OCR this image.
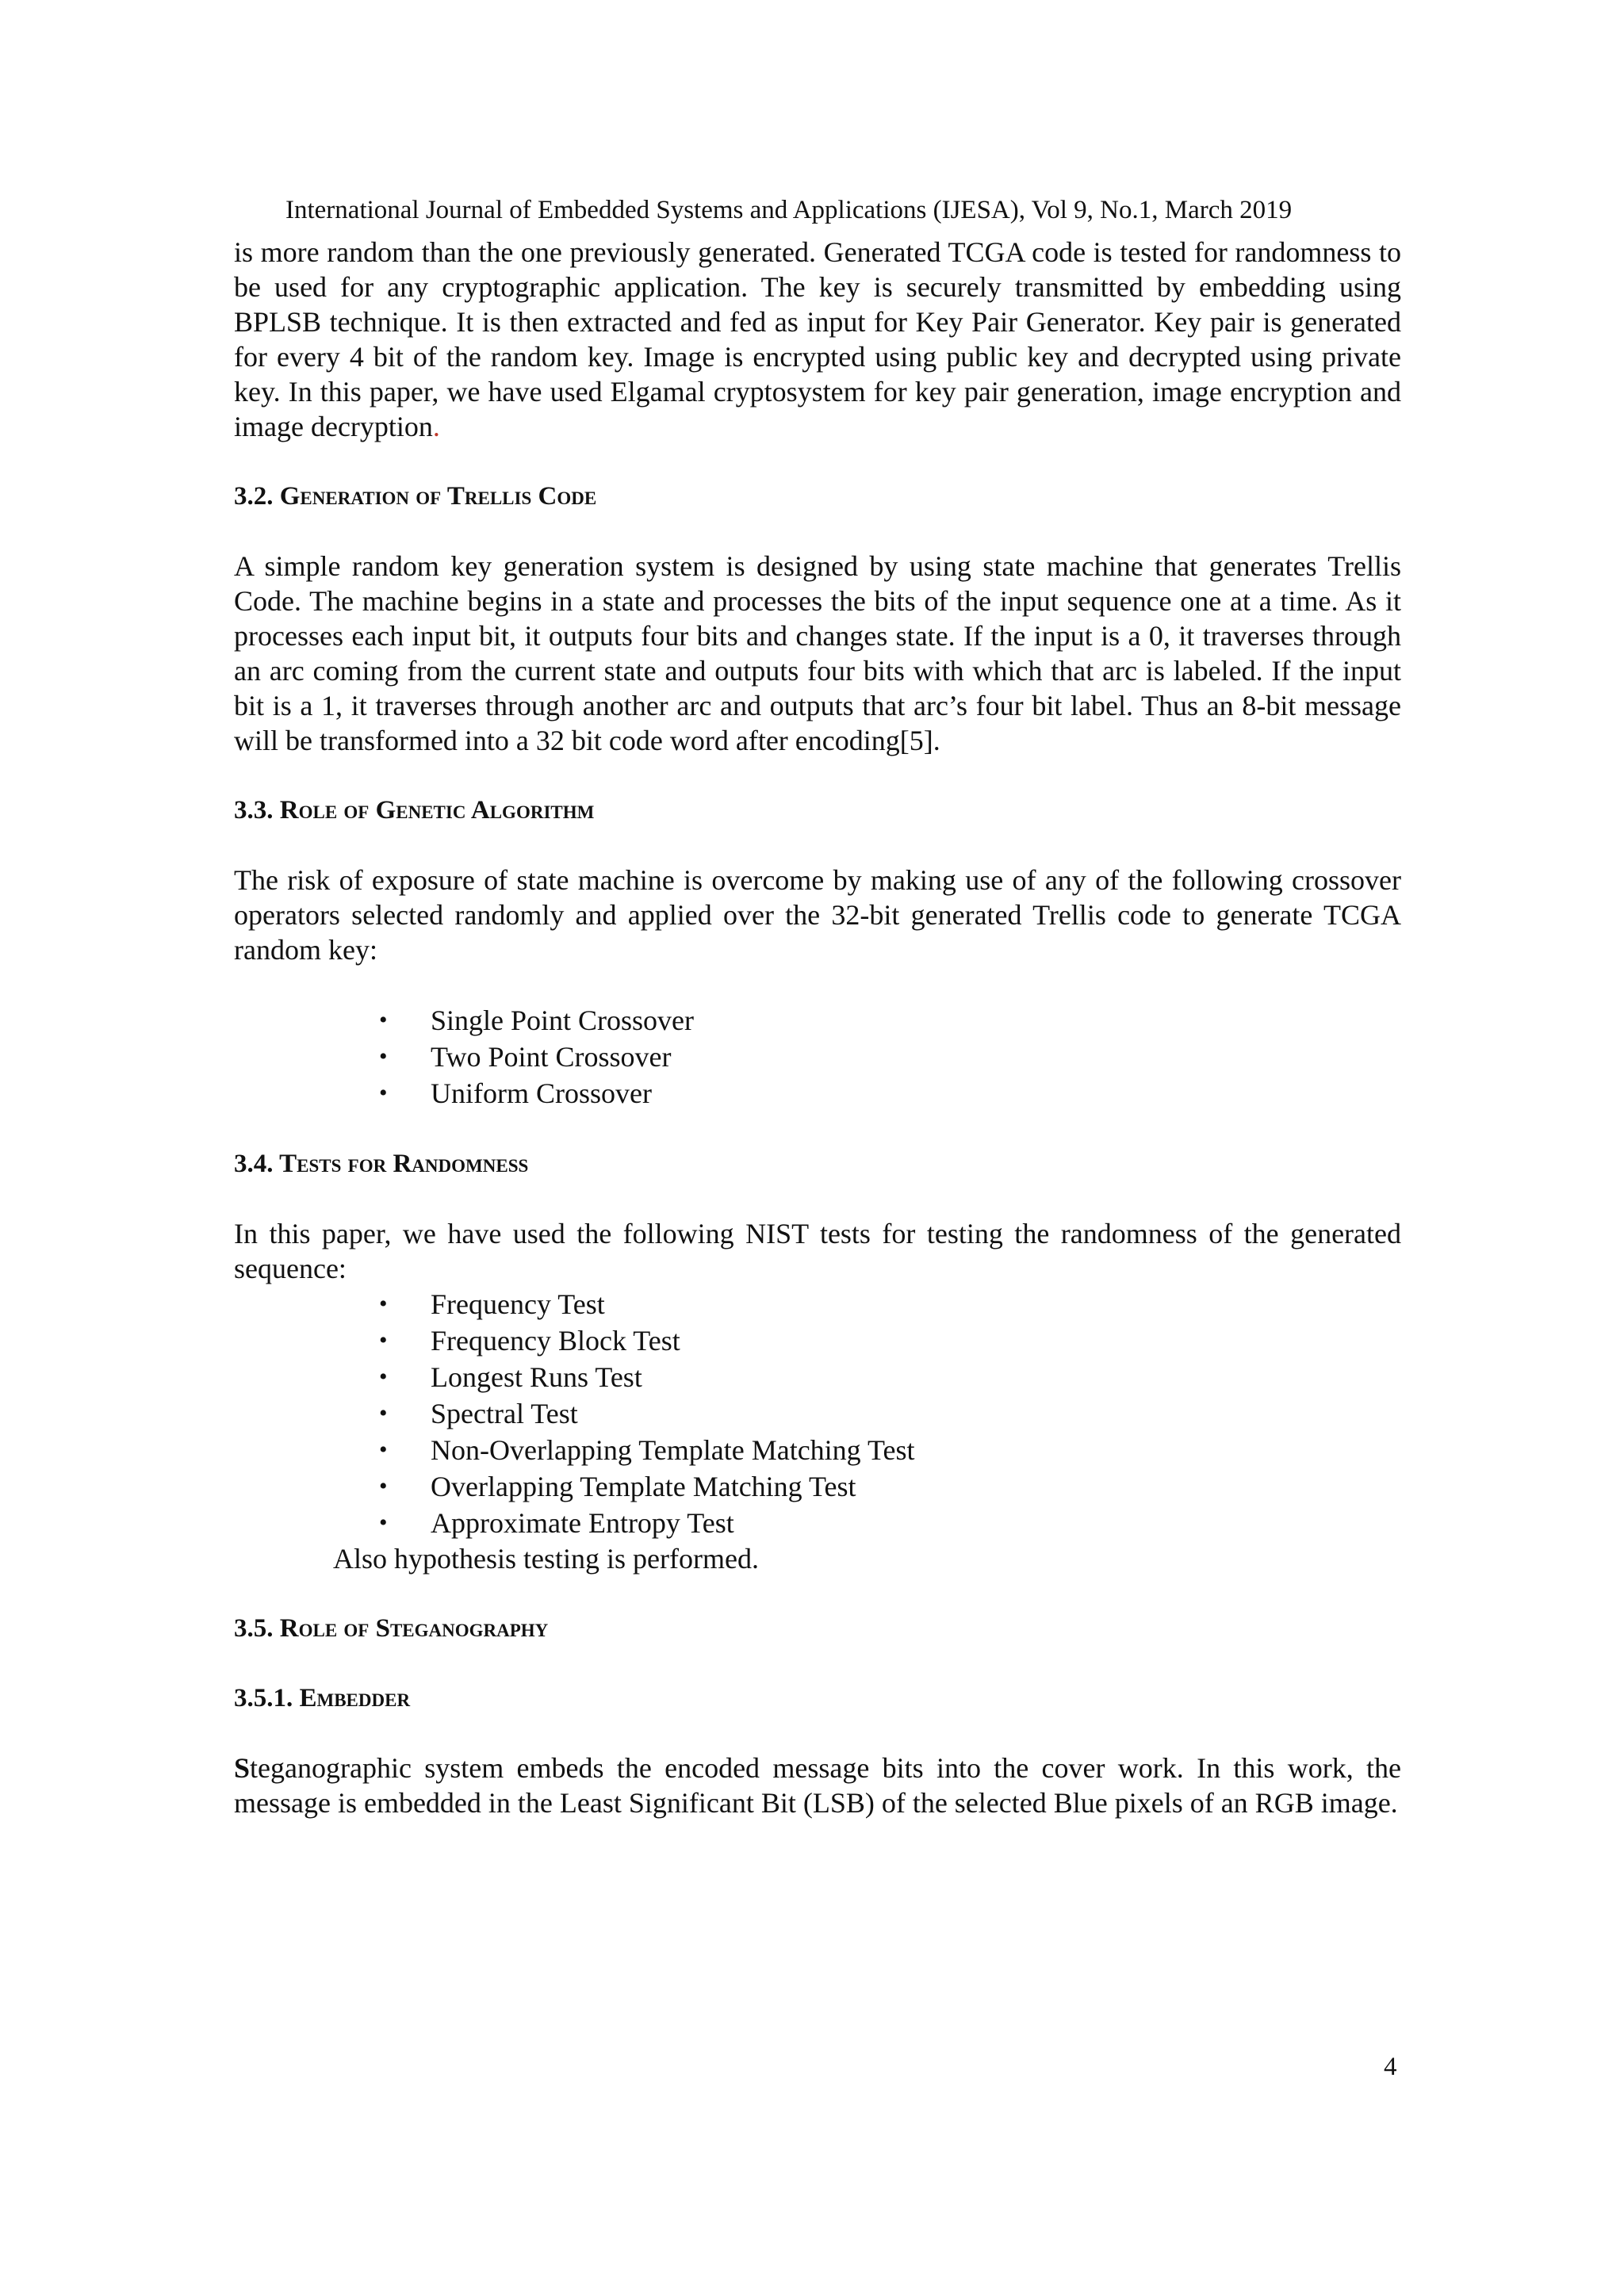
International Journal of Embedded Systems and Applications (IJESA), Vol 9, No.1, March 2019

is more random than the one previously generated. Generated TCGA code is tested for randomness to be used for any cryptographic application. The key is securely transmitted by embedding using BPLSB technique. It is then extracted and fed as input for Key Pair Generator. Key pair is generated for every 4 bit of the random key. Image is encrypted using public key and decrypted using private key. In this paper, we have used Elgamal cryptosystem for key pair generation, image encryption and image decryption.

3.2. Generation of Trellis Code

A simple random key generation system is designed by using state machine that generates Trellis Code. The machine begins in a state and processes the bits of the input sequence one at a time. As it processes each input bit, it outputs four bits and changes state. If the input is a 0, it traverses through an arc coming from the current state and outputs four bits with which that arc is labeled. If the input bit is a 1, it traverses through another arc and outputs that arc’s four bit label. Thus an 8-bit message will be transformed into a 32 bit code word after encoding[5].

3.3. Role of Genetic Algorithm

The risk of exposure of state machine is overcome by making use of any of the following crossover operators selected randomly and applied over the 32-bit generated Trellis code to generate TCGA random key:

• Single Point Crossover
• Two Point Crossover
• Uniform Crossover
3.4. Tests for Randomness

In this paper, we have used the following NIST tests for testing the randomness of the generated sequence:

• Frequency Test
• Frequency Block Test
• Longest Runs Test
• Spectral Test
• Non-Overlapping Template Matching Test
• Overlapping Template Matching Test
• Approximate Entropy Test

Also hypothesis testing is performed.

3.5. Role of Steganography
3.5.1. Embedder

Steganographic system embeds the encoded message bits into the cover work. In this work, the message is embedded in the Least Significant Bit (LSB) of the selected Blue pixels of an RGB image.

4
